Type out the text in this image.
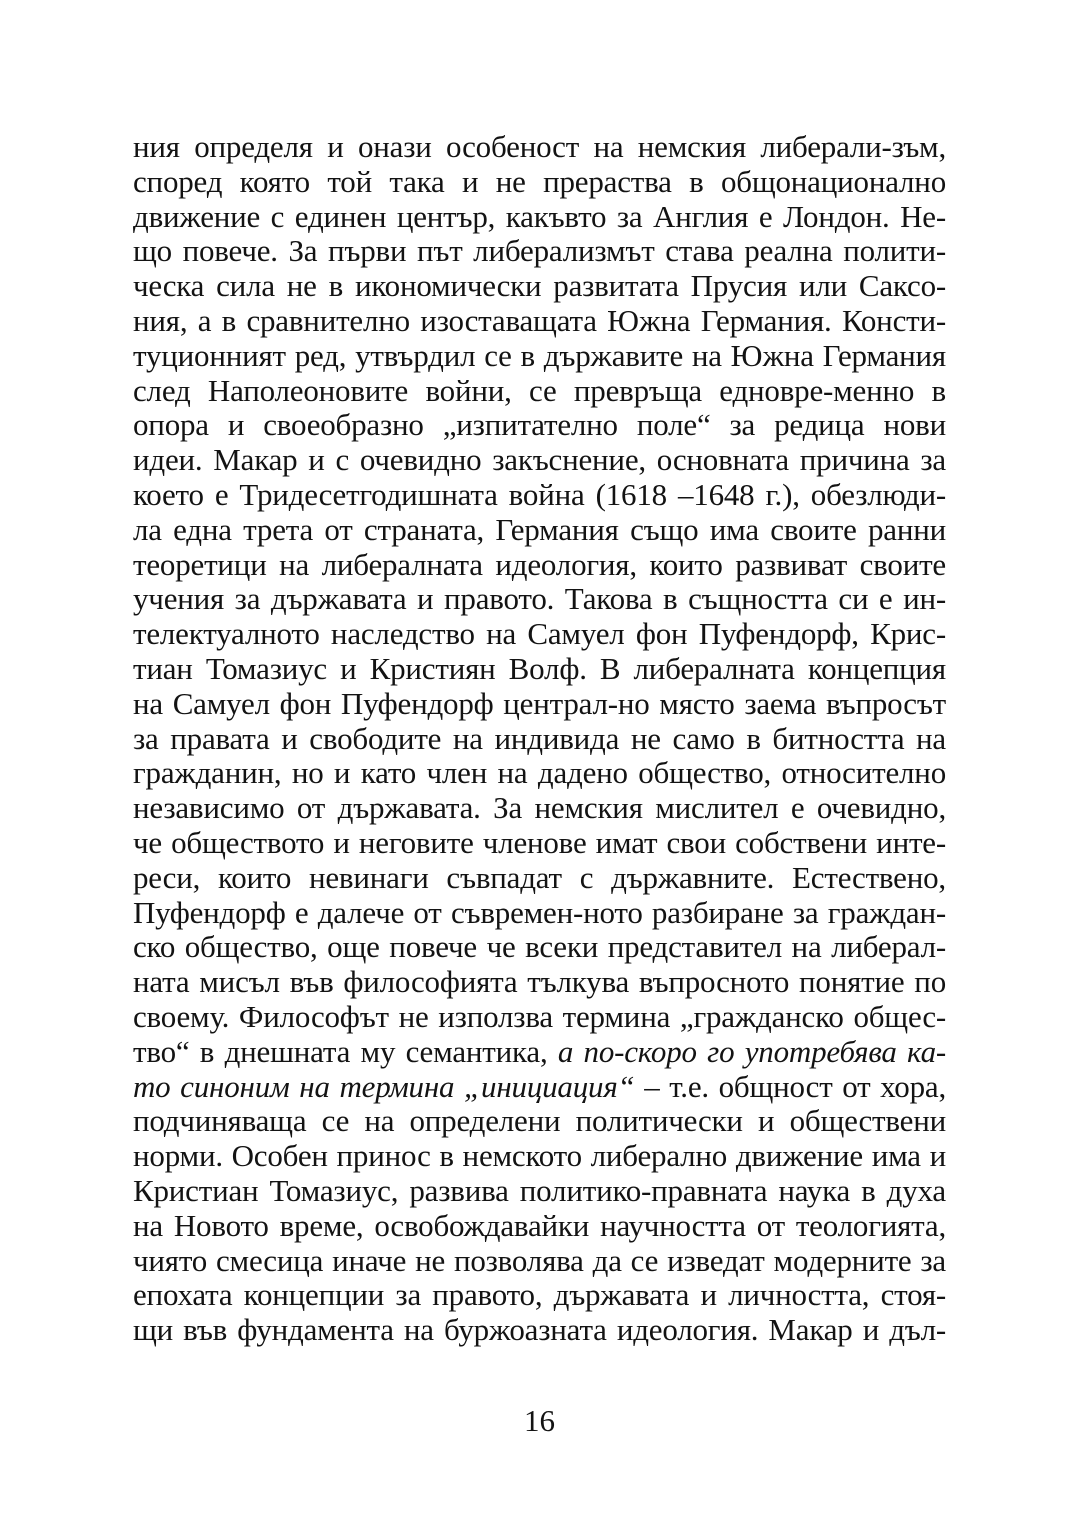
ния определя и онази особеност на немския либерали-зъм,
според която той така и не прераства в общонационално
движение с единен център, какъвто за Англия е Лондон. Не-
що повече. За първи път либерализмът става реална полити-
ческа сила не в икономически развитата Прусия или Саксо-
ния, а в сравнително изоставащата Южна Германия. Консти-
туционният ред, утвърдил се в държавите на Южна Германия
след Наполеоновите войни, се превръща едновре-менно в
опора и своеобразно „изпитателно поле“ за редица нови
идеи. Макар и с очевидно закъснение, основната причина за
което е Тридесетгодишната война (1618 –1648 г.), обезлюди-
ла една трета от страната, Германия също има своите ранни
теоретици на либералната идеология, които развиват своите
учения за държавата и правото. Такова в същността си е ин-
телектуалното наследство на Самуел фон Пуфендорф, Крис-
тиан Томазиус и Кристиян Волф. В либералната концепция
на Самуел фон Пуфендорф централ-но място заема въпросът
за правата и свободите на индивида не само в битността на
гражданин, но и като член на дадено общество, относително
независимо от държавата. За немския мислител е очевидно,
че обществото и неговите членове имат свои собствени инте-
реси, които невинаги съвпадат с държавните. Естествено,
Пуфендорф е далече от съвремен-ното разбиране за граждан-
ско общество, още повече че всеки представител на либерал-
ната мисъл във философията тълкува въпросното понятие по
своему. Философът не използва термина „гражданско общес-
тво“ в днешната му семантика, а по-скоро го употребява ка-
то синоним на термина „инициация“ – т.е. общност от хора,
подчиняваща се на определени политически и обществени
норми. Особен принос в немското либерално движение има и
Кристиан Томазиус, развива политико-правната наука в духа
на Новото време, освобождавайки научността от теологията,
чиято смесица иначе не позволява да се изведат модерните за
епохата концепции за правото, държавата и личността, стоя-
щи във фундамента на буржоазната идеология. Макар и дъл-
16
